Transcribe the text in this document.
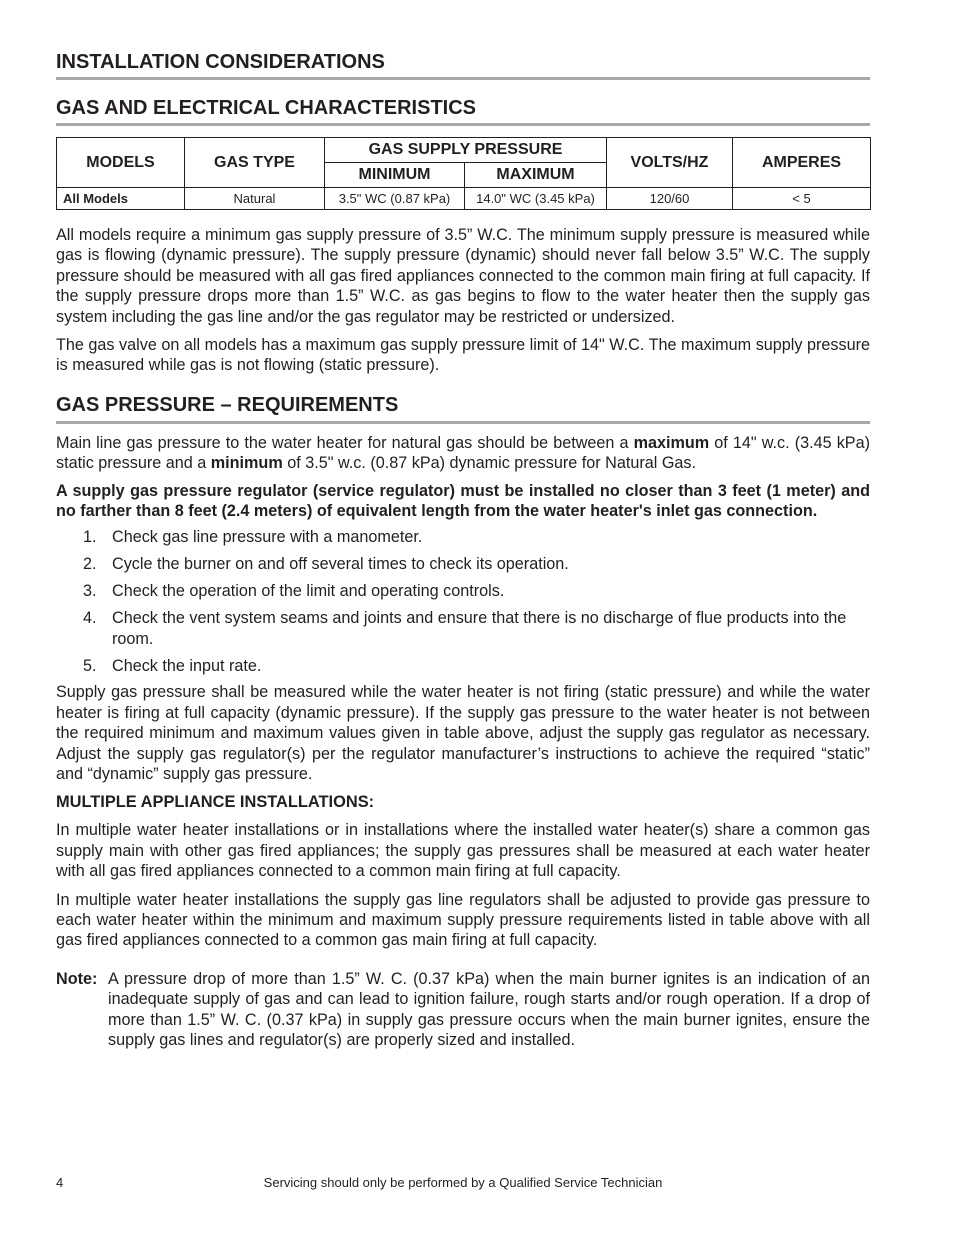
INSTALLATION CONSIDERATIONS
GAS AND ELECTRICAL CHARACTERISTICS
MODELS	GAS TYPE	GAS SUPPLY PRESSURE		VOLTS/HZ	AMPERES
		MINIMUM	MAXIMUM		
All Models	Natural	3.5" WC (0.87 kPa)	14.0" WC (3.45 kPa)	120/60	< 5

All models require a minimum gas supply pressure of 3.5” W.C. The minimum supply pressure is measured while gas is flowing (dynamic pressure). The supply pressure (dynamic) should never fall below 3.5” W.C. The supply pressure should be measured with all gas fired appliances connected to the common main firing at full capacity. If the supply pressure drops more than 1.5” W.C. as gas begins to flow to the water heater then the supply gas system including the gas line and/or the gas regulator may be restricted or undersized.

The gas valve on all models has a maximum gas supply pressure limit of 14" W.C. The maximum supply pressure is measured while gas is not flowing (static pressure).

GAS PRESSURE – REQUIREMENTS

Main line gas pressure to the water heater for natural gas should be between a maximum of 14" w.c. (3.45 kPa) static pressure and a minimum of 3.5" w.c. (0.87 kPa) dynamic pressure for Natural Gas.

A supply gas pressure regulator (service regulator) must be installed no closer than 3 feet (1 meter) and no farther than 8 feet (2.4 meters) of equivalent length from the water heater's inlet gas connection.

1. Check gas line pressure with a manometer.
2. Cycle the burner on and off several times to check its operation.
3. Check the operation of the limit and operating controls.
4. Check the vent system seams and joints and ensure that there is no discharge of flue products into the room.
5. Check the input rate.

Supply gas pressure shall be measured while the water heater is not firing (static pressure) and while the water heater is firing at full capacity (dynamic pressure). If the supply gas pressure to the water heater is not between the required minimum and maximum values given in table above, adjust the supply gas regulator as necessary. Adjust the supply gas regulator(s) per the regulator manufacturer’s instructions to achieve the required “static” and “dynamic” supply gas pressure.

MULTIPLE APPLIANCE INSTALLATIONS:

In multiple water heater installations or in installations where the installed water heater(s) share a common gas supply main with other gas fired appliances; the supply gas pressures shall be measured at each water heater with all gas fired appliances connected to a common main firing at full capacity.

In multiple water heater installations the supply gas line regulators shall be adjusted to provide gas pressure to each water heater within the minimum and maximum supply pressure requirements listed in table above with all gas fired appliances connected to a common gas main firing at full capacity.

Note: A pressure drop of more than 1.5” W. C. (0.37 kPa) when the main burner ignites is an indication of an inadequate supply of gas and can lead to ignition failure, rough starts and/or rough operation. If a drop of more than 1.5” W. C. (0.37 kPa) in supply gas pressure occurs when the main burner ignites, ensure the supply gas lines and regulator(s) are properly sized and installed.

4	Servicing should only be performed by a Qualified Service Technician
